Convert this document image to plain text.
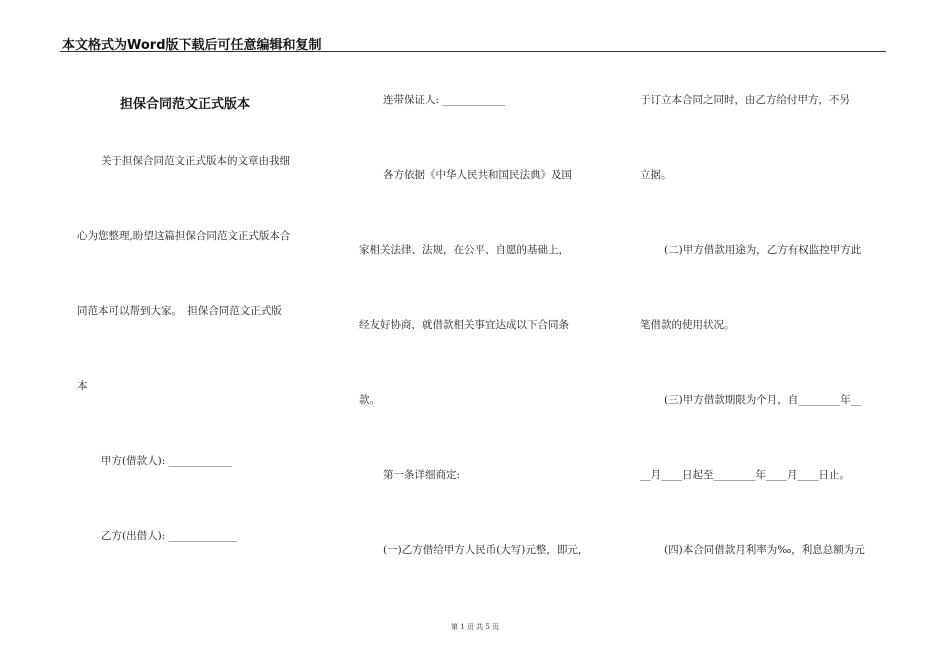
本文格式为Word版下载后可任意编辑和复制
担保合同范文正式版本
关于担保合同范文正式版本的文章由我细
心为您整理,盼望这篇担保合同范文正式版本合
同范本可以帮到大家。　担保合同范文正式版
本
甲方(借款人): ____________
乙方(出借人): _____________
连带保证人: ____________
各方依据《中华人民共和国民法典》及国
家相关法律、法规，在公平、自愿的基础上，
经友好协商，就借款相关事宜达成以下合同条
款。
第一条详细商定:
(一)乙方借给甲方人民币(大写)元整，即元，
于订立本合同之同时，由乙方给付甲方，不另
立据。
(二)甲方借款用途为，乙方有权监控甲方此
笔借款的使用状况。
(三)甲方借款期限为个月，自________年__
__月____日起至________年____月____日止。
(四)本合同借款月利率为‰，利息总额为元
第 1 页 共 5 页
